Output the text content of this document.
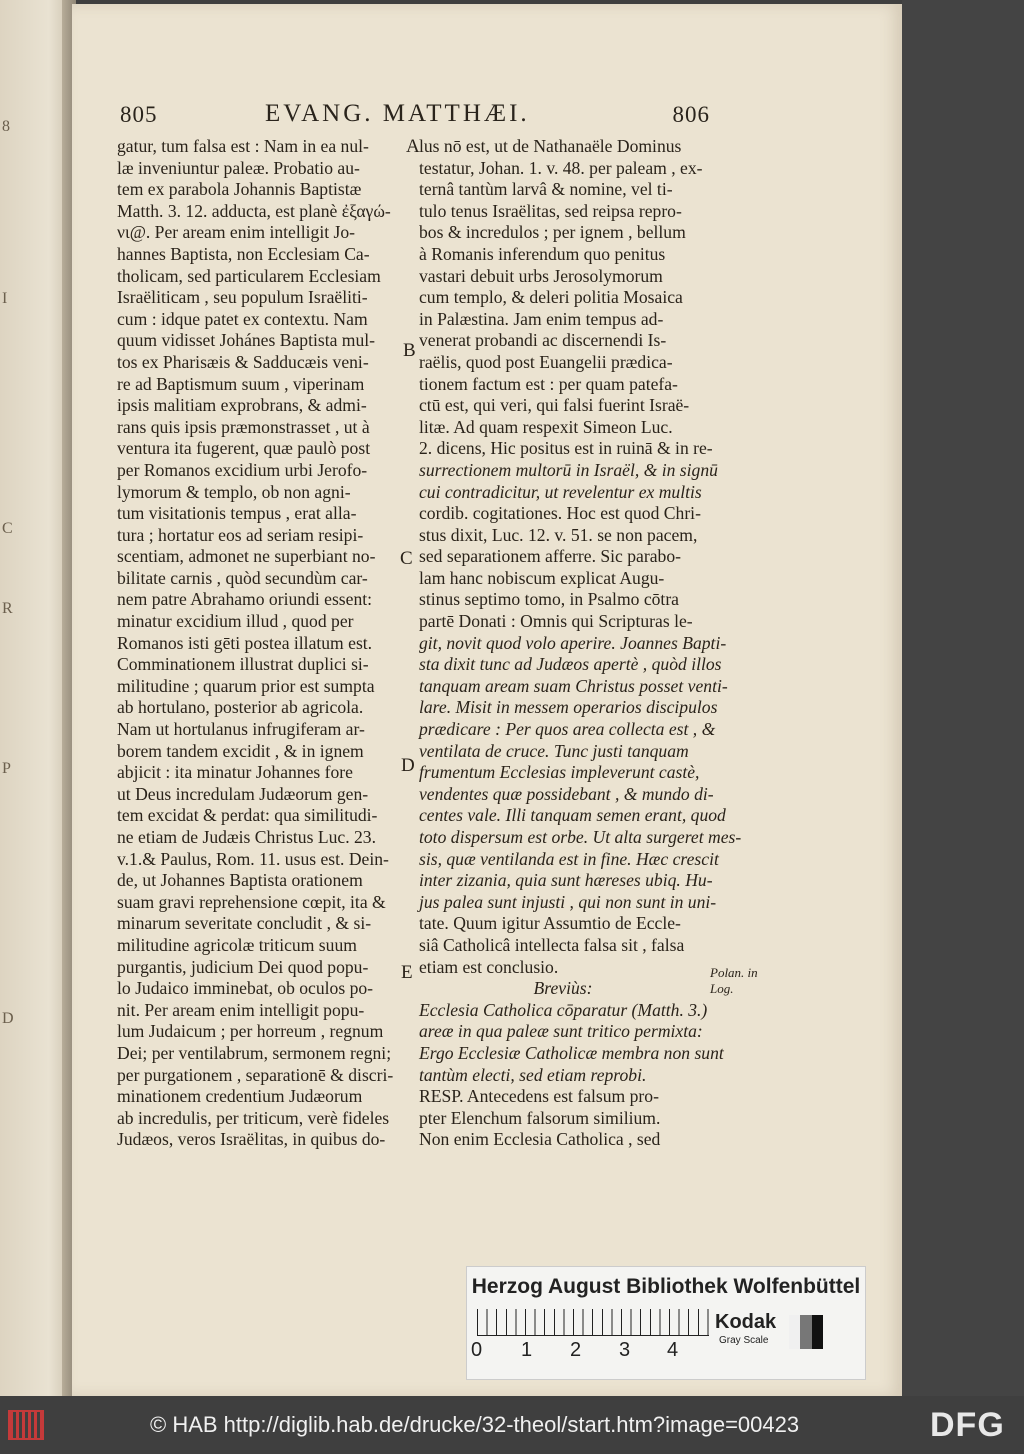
8
I
C
R
P
D
805	EVANG. MATTHÆI.	806
gatur, tum falsa est : Nam in ea nul-
læ inveniuntur paleæ. Probatio au-
tem ex parabola Johannis Baptistæ
Matth. 3. 12. adducta, est planè ἐξαγώ-
νι@. Per aream enim intelligit Jo-
hannes Baptista, non Ecclesiam Ca-
tholicam, sed particularem Ecclesiam
Israëliticam , seu populum Israëliti-
cum : idque patet ex contextu. Nam
quum vidisset Johánes Baptista mul-
tos ex Pharisæis & Sadducæis veni-
re ad Baptismum suum , viperinam
ipsis malitiam exprobrans, & admi-
rans quis ipsis præmonstrasset , ut à
ventura ita fugerent, quæ paulò post
per Romanos excidium urbi Jerofo-
lymorum & templo, ob non agni-
tum visitationis tempus , erat alla-
tura ; hortatur eos ad seriam resipi-
scentiam, admonet ne superbiant no-
bilitate carnis , quòd secundùm car-
nem patre Abrahamo oriundi essent:
minatur excidium illud , quod per
Romanos isti gēti postea illatum est.
Comminationem illustrat duplici si-
militudine ; quarum prior est sumpta
ab hortulano, posterior ab agricola.
Nam ut hortulanus infrugiferam ar-
borem tandem excidit , & in ignem
abjicit : ita minatur Johannes fore
ut Deus incredulam Judæorum gen-
tem excidat & perdat: qua similitudi-
ne etiam de Judæis Christus Luc. 23.
v.1.& Paulus, Rom. 11. usus est. Dein-
de, ut Johannes Baptista orationem
suam gravi reprehensione cœpit, ita &
minarum severitate concludit , & si-
militudine agricolæ triticum suum
purgantis, judicium Dei quod popu-
lo Judaico imminebat, ob oculos po-
nit. Per aream enim intelligit popu-
lum Judaicum ; per horreum , regnum
Dei; per ventilabrum, sermonem regni;
per purgationem , separationē & discri-
minationem credentium Judæorum
ab incredulis, per triticum, verè fideles
Judæos, veros Israëlitas, in quibus do-
lus nō est, ut de Nathanaële Dominus
testatur, Johan. 1. v. 48. per paleam , ex-
ternâ tantùm larvâ & nomine, vel ti-
tulo tenus Israëlitas, sed reipsa repro-
bos & incredulos ; per ignem , bellum
à Romanis inferendum quo penitus
vastari debuit urbs Jerosolymorum
cum templo, & deleri politia Mosaica
in Palæstina. Jam enim tempus ad-
venerat probandi ac discernendi Is-
raëlis, quod post Euangelii prædica-
tionem factum est : per quam patefa-
ctū est, qui veri, qui falsi fuerint Israë-
litæ. Ad quam respexit Simeon Luc.
2. dicens, Hic positus est in ruinā & in re-
surrectionem multorū in Israël, & in signū
cui contradicitur, ut revelentur ex multis
cordib. cogitationes. Hoc est quod Chri-
stus dixit, Luc. 12. v. 51. se non pacem,
sed separationem afferre. Sic parabo-
lam hanc nobiscum explicat Augu-
stinus septimo tomo, in Psalmo cōtra
partē Donati : Omnis qui Scripturas le-
git, novit quod volo aperire. Joannes Bapti-
sta dixit tunc ad Judæos apertè , quòd illos
tanquam aream suam Christus posset venti-
lare. Misit in messem operarios discipulos
prædicare : Per quos area collecta est , &
ventilata de cruce. Tunc justi tanquam
frumentum Ecclesias impleverunt castè,
vendentes quæ possidebant , & mundo di-
centes vale. Illi tanquam semen erant, quod
toto dispersum est orbe. Ut alta surgeret mes-
sis, quæ ventilanda est in fine. Hæc crescit
inter zizania, quia sunt hæreses ubiq. Hu-
jus palea sunt injusti , qui non sunt in uni-
tate. Quum igitur Assumtio de Eccle-
siâ Catholicâ intellecta falsa sit , falsa
etiam est conclusio.
Breviùs:
Ecclesia Catholica cōparatur (Matth. 3.)
areæ in qua paleæ sunt tritico permixta:
Ergo Ecclesiæ Catholicæ membra non sunt
tantùm electi, sed etiam reprobi.
RESP. Antecedens est falsum pro-
pter Elenchum falsorum similium.
Non enim Ecclesia Catholica , sed
A
B
C
D
E	Polan. in
Log.
Herzog August Bibliothek Wolfenbüttel
0 1 2 3 4
Kodak
Gray Scale
© HAB http://diglib.hab.de/drucke/32-theol/start.htm?image=00423	DFG
